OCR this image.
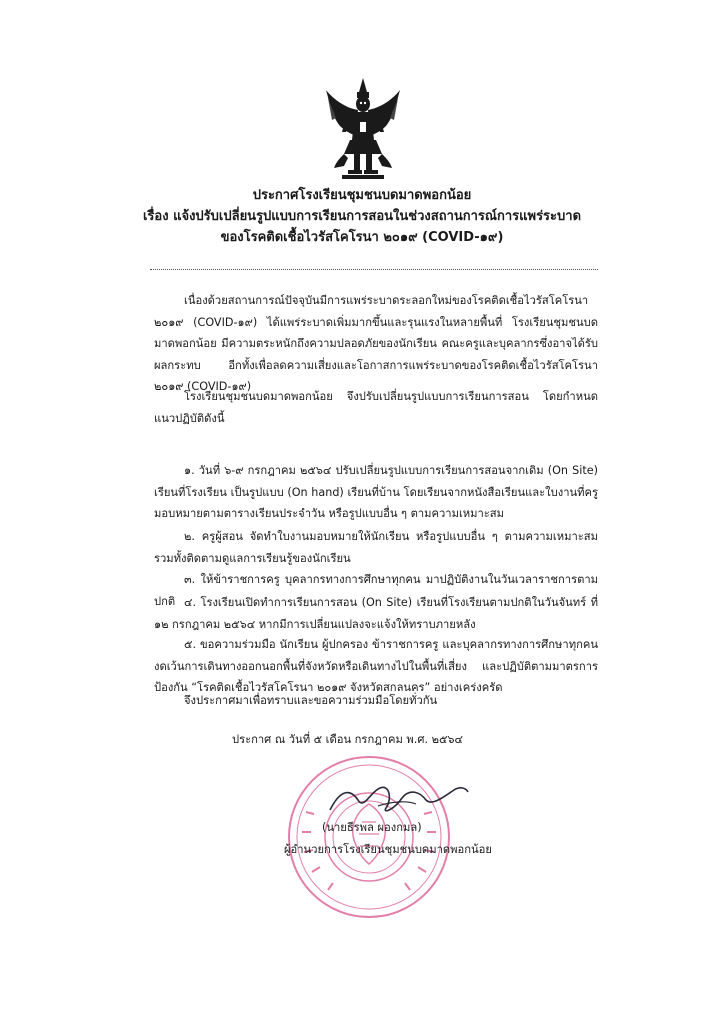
ประกาศโรงเรียนชุมชนบดมาดพอกน้อย
เรื่อง แจ้งปรับเปลี่ยนรูปแบบการเรียนการสอนในช่วงสถานการณ์การแพร่ระบาด
ของโรคติดเชื้อไวรัสโคโรนา ๒๐๑๙ (COVID-๑๙)

เนื่องด้วยสถานการณ์ปัจจุบันมีการแพร่ระบาดระลอกใหม่ของโรคติดเชื้อไวรัสโคโรนา ๒๐๑๙ (COVID-๑๙) ได้แพร่ระบาดเพิ่มมากขึ้นและรุนแรงในหลายพื้นที่ โรงเรียนชุมชนบดมาดพอกน้อย มีความตระหนักถึงความปลอดภัยของนักเรียน คณะครูและบุคลากรซึ่งอาจได้รับผลกระทบ อีกทั้งเพื่อลดความเสี่ยงและโอกาสการแพร่ระบาดของโรคติดเชื้อไวรัสโคโรนา ๒๐๑๙ (COVID-๑๙)

โรงเรียนชุมชนบดมาดพอกน้อย จึงปรับเปลี่ยนรูปแบบการเรียนการสอน โดยกำหนดแนวปฏิบัติดังนี้

๑. วันที่ ๖-๙ กรกฎาคม ๒๕๖๔ ปรับเปลี่ยนรูปแบบการเรียนการสอนจากเดิม (On Site) เรียนที่โรงเรียน เป็นรูปแบบ (On hand) เรียนที่บ้าน โดยเรียนจากหนังสือเรียนและใบงานที่ครูมอบหมายตามตารางเรียนประจำวัน หรือรูปแบบอื่น ๆ ตามความเหมาะสม
๒. ครูผู้สอน จัดทำใบงานมอบหมายให้นักเรียน หรือรูปแบบอื่น ๆ ตามความเหมาะสม รวมทั้งติดตามดูแลการเรียนรู้ของนักเรียน
๓. ให้ข้าราชการครู บุคลากรทางการศึกษาทุกคน มาปฏิบัติงานในวันเวลาราชการตามปกติ ๔. โรงเรียนเปิดทำการเรียนการสอน (On Site) เรียนที่โรงเรียนตามปกติในวันจันทร์ ที่ ๑๒ กรกฎาคม ๒๕๖๔ หากมีการเปลี่ยนแปลงจะแจ้งให้ทราบภายหลัง
๕. ขอความร่วมมือ นักเรียน ผู้ปกครอง ข้าราชการครู และบุคลากรทางการศึกษาทุกคน งดเว้นการเดินทางออกนอกพื้นที่จังหวัดหรือเดินทางไปในพื้นที่เสี่ยง และปฏิบัติตามมาตรการป้องกัน “โรคติดเชื้อไวรัสโคโรนา ๒๐๑๙ จังหวัดสกลนคร” อย่างเคร่งครัด
จึงประกาศมาเพื่อทราบและขอความร่วมมือโดยทั่วกัน
ประกาศ ณ วันที่ ๕ เดือน กรกฎาคม พ.ศ. ๒๕๖๔
(นายธีรพล ผองกมล)
ผู้อำนวยการโรงเรียนชุมชนบดมาดพอกน้อย
